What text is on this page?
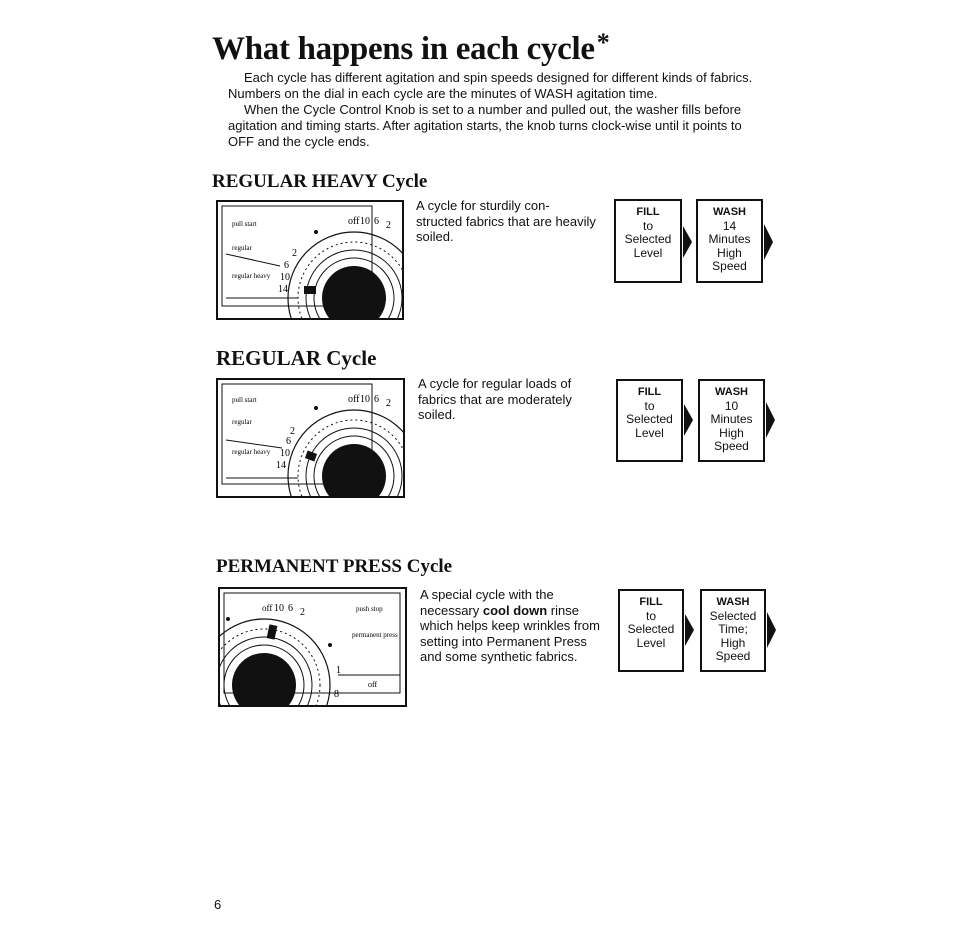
What happens in each cycle*

Each cycle has different agitation and spin speeds designed for different kinds of fabrics. Numbers on the dial in each cycle are the minutes of WASH agitation time.

When the Cycle Control Knob is set to a number and pulled out, the washer fills before agitation and timing starts. After agitation starts, the knob turns clock-wise until it points to OFF and the cycle ends.

REGULAR HEAVY Cycle
pull start
regular
regular heavy
off 10 6 2
2
6
10
14
A cycle for sturdily con- structed fabrics that are heavily soiled.
FILL
to
Selected
Level
WASH
14
Minutes
High
Speed
REGULAR Cycle
pull start
regular
regular heavy
off 10 6 2
2
6
10
14
A cycle for regular loads of fabrics that are moderately soiled.
FILL
to
Selected
Level
WASH
10
Minutes
High
Speed
PERMANENT PRESS Cycle
push stop
permanent press
off
off 10 6 2
1
8
A special cycle with the necessary cool down rinse which helps keep wrinkles from setting into Permanent Press and some synthetic fabrics.
FILL
to
Selected
Level
WASH
Selected
Time;
High
Speed
6
